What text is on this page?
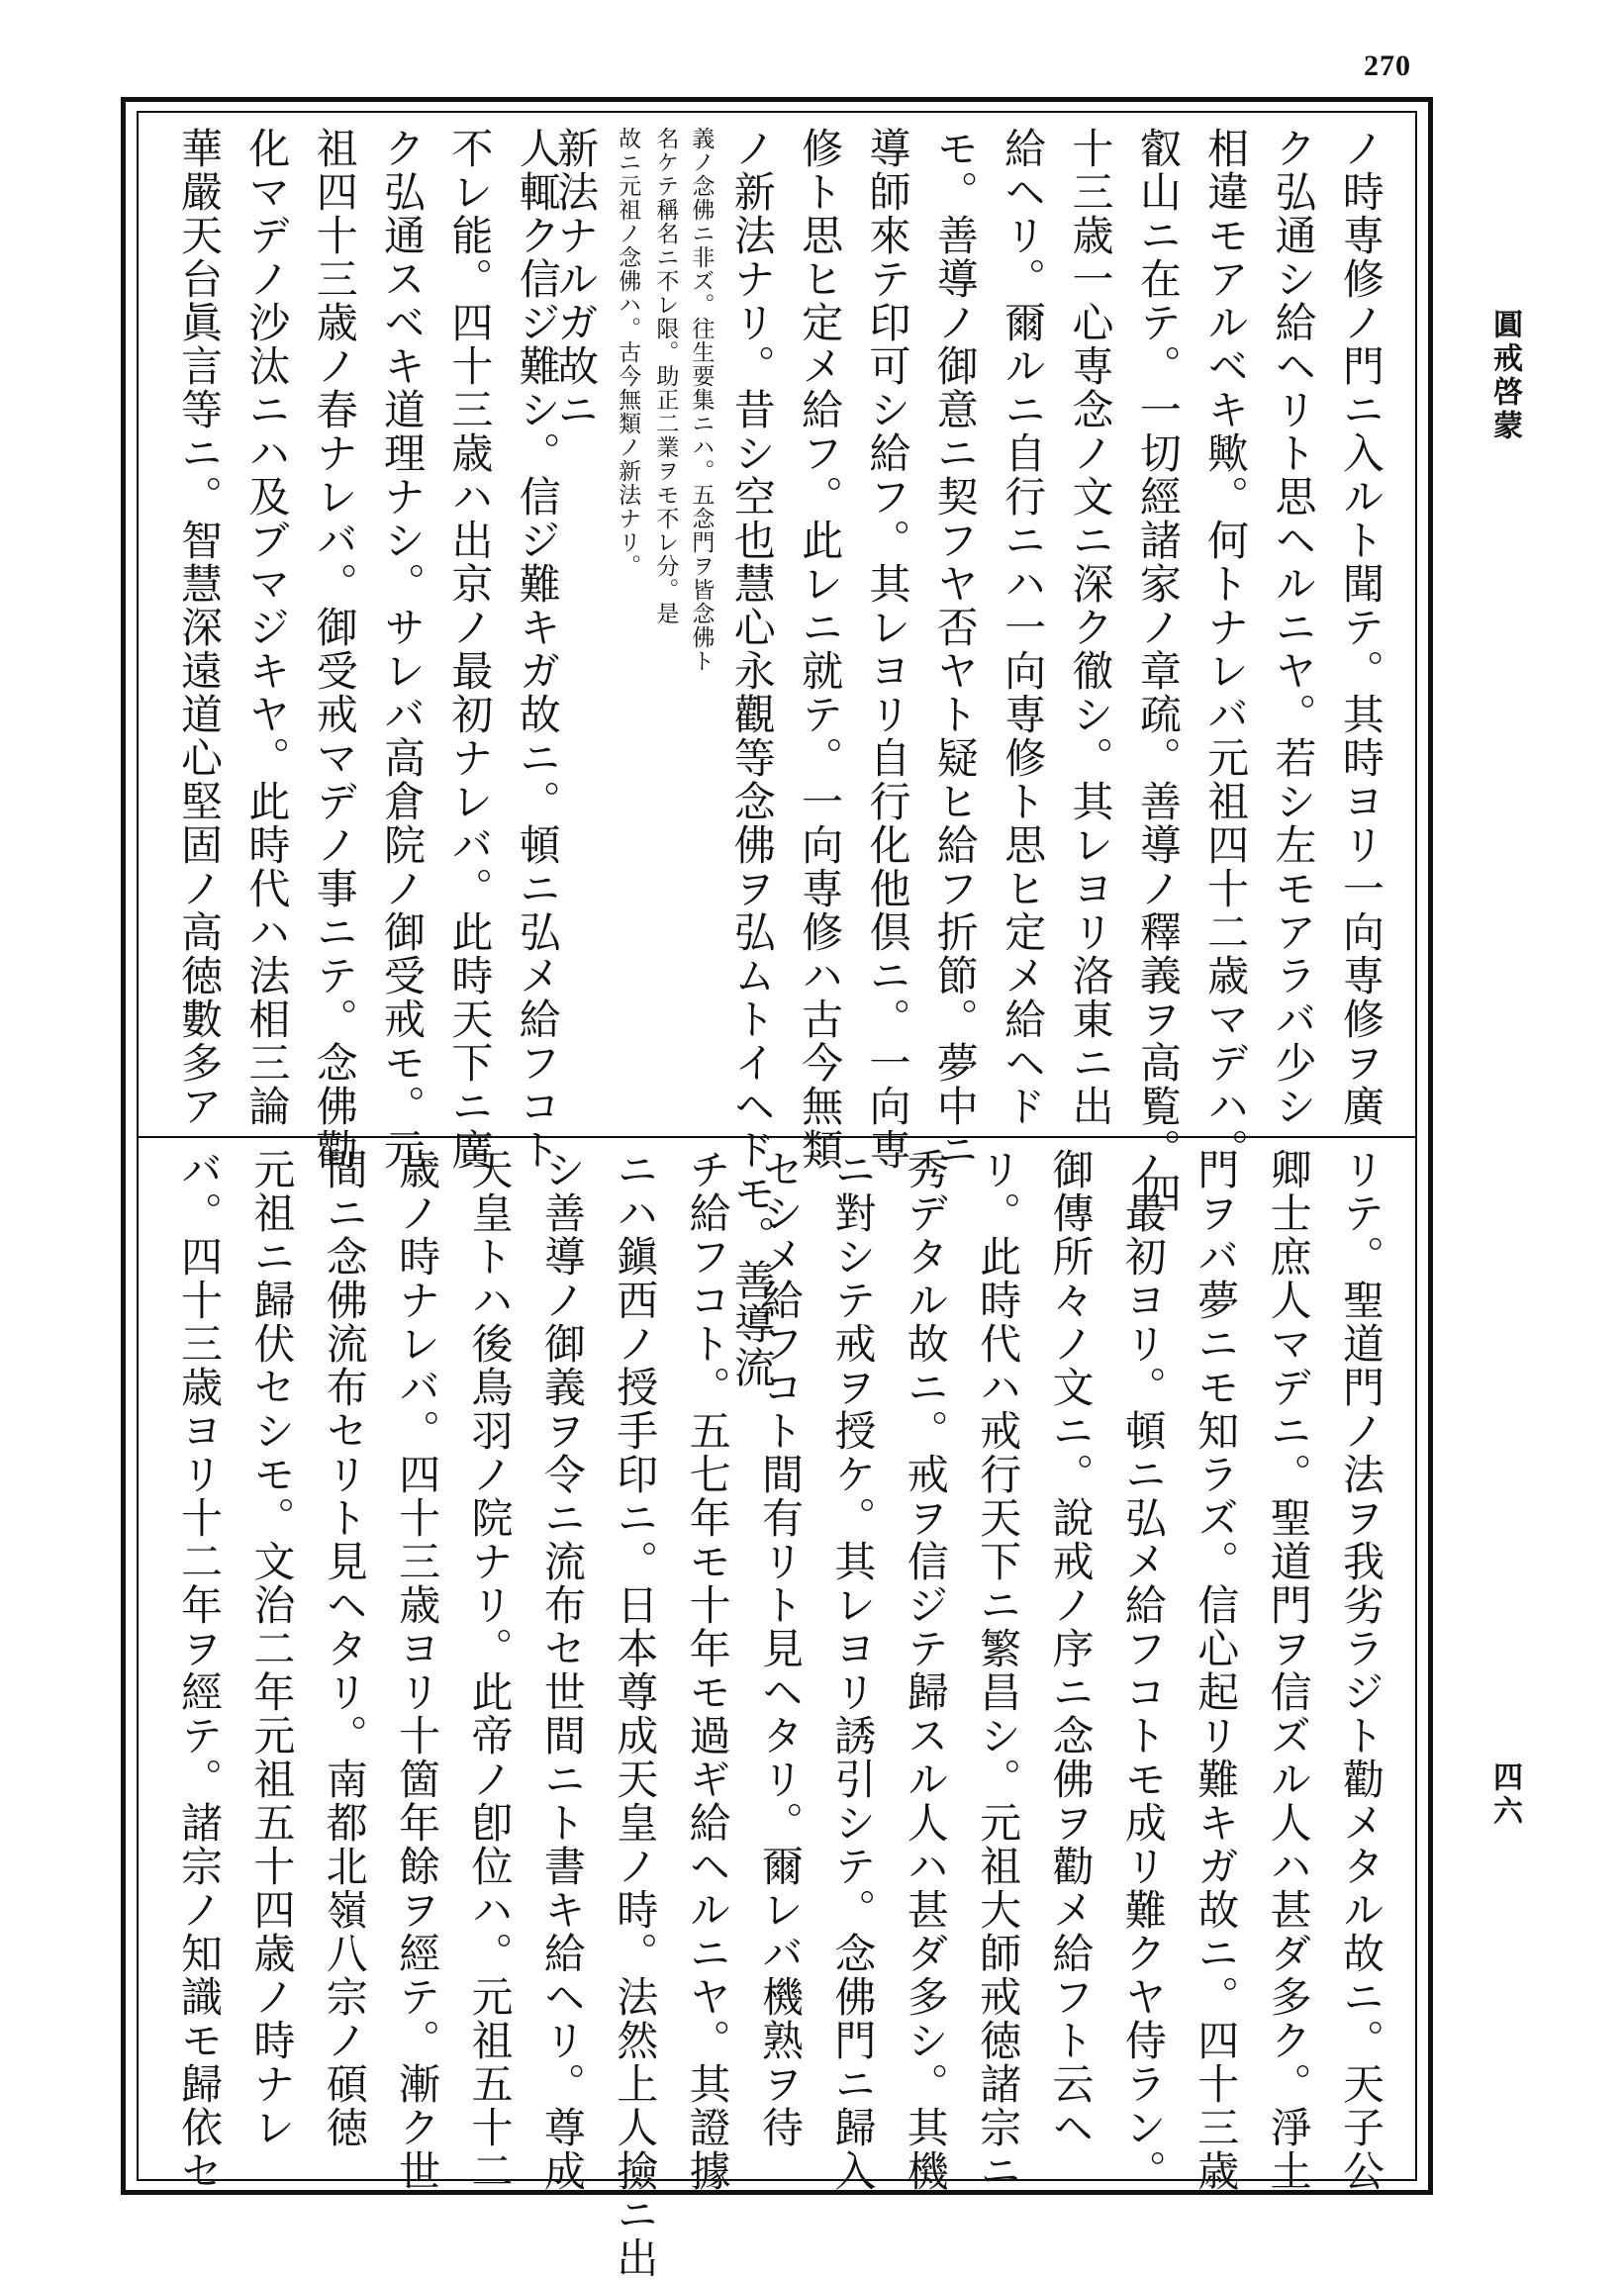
270
圓戒啓蒙
四六
ノ時専修ノ門ニ入ルト聞テ。其時ヨリ一向専修ヲ廣
ク弘通シ給ヘリト思ヘルニヤ。若シ左モアラバ少シ
相違モアルベキ歟。何トナレバ元祖四十二歳マデハ。
叡山ニ在テ。一切經諸家ノ章疏。善導ノ釋義ヲ高覧。四
十三歳一心専念ノ文ニ深ク徹シ。其レヨリ洛東ニ出
給ヘリ。爾ルニ自行ニハ一向専修ト思ヒ定メ給ヘド
モ。善導ノ御意ニ契フヤ否ヤト疑ヒ給フ折節。夢中ニ
導師來テ印可シ給フ。其レヨリ自行化他倶ニ。一向専
修ト思ヒ定メ給フ。此レニ就テ。一向専修ハ古今無類
ノ新法ナリ。昔シ空也慧心永觀等念佛ヲ弘ムトイヘドモ。善導流
義ノ念佛ニ非ズ。往生要集ニハ。五念門ヲ皆念佛ト
名ケテ稱名ニ不レ限。助正二業ヲモ不レ分。是
故ニ元祖ノ念佛ハ。古今無類ノ新法ナリ。
新法ナルガ故ニ
人輒ク信ジ難シ。信ジ難キガ故ニ。頓ニ弘メ給フコト
不レ能。四十三歳ハ出京ノ最初ナレバ。此時天下ニ廣
ク弘通スベキ道理ナシ。サレバ高倉院ノ御受戒モ。元
祖四十三歳ノ春ナレバ。御受戒マデノ事ニテ。念佛勸
化マデノ沙汰ニハ及ブマジキヤ。此時代ハ法相三論
華嚴天台眞言等ニ。智慧深遠道心堅固ノ高徳數多ア
リテ。聖道門ノ法ヲ我劣ラジト勸メタル故ニ。天子公
卿士庶人マデニ。聖道門ヲ信ズル人ハ甚ダ多ク。淨土
門ヲバ夢ニモ知ラズ。信心起リ難キガ故ニ。四十三歳
ノ最初ヨリ。頓ニ弘メ給フコトモ成リ難クヤ侍ラン。
御傳所々ノ文ニ。說戒ノ序ニ念佛ヲ勸メ給フト云ヘ
リ。此時代ハ戒行天下ニ繁昌シ。元祖大師戒徳諸宗ニ
秀デタル故ニ。戒ヲ信ジテ歸スル人ハ甚ダ多シ。其機
ニ對シテ戒ヲ授ケ。其レヨリ誘引シテ。念佛門ニ歸入
セシメ給フコト間有リト見ヘタリ。爾レバ機熟ヲ待
チ給フコト。五七年モ十年モ過ギ給ヘルニヤ。其證據
ニハ鎭西ノ授手印ニ。日本尊成天皇ノ時。法然上人撿ニ出
シ善導ノ御義ヲ令ニ流布セ世間ニト書キ給ヘリ。尊成
天皇トハ後鳥羽ノ院ナリ。此帝ノ卽位ハ。元祖五十二
歳ノ時ナレバ。四十三歳ヨリ十箇年餘ヲ經テ。漸ク世
間ニ念佛流布セリト見ヘタリ。南都北嶺八宗ノ碩徳
元祖ニ歸伏セシモ。文治二年元祖五十四歳ノ時ナレ
バ。四十三歳ヨリ十二年ヲ經テ。諸宗ノ知識モ歸依セ
